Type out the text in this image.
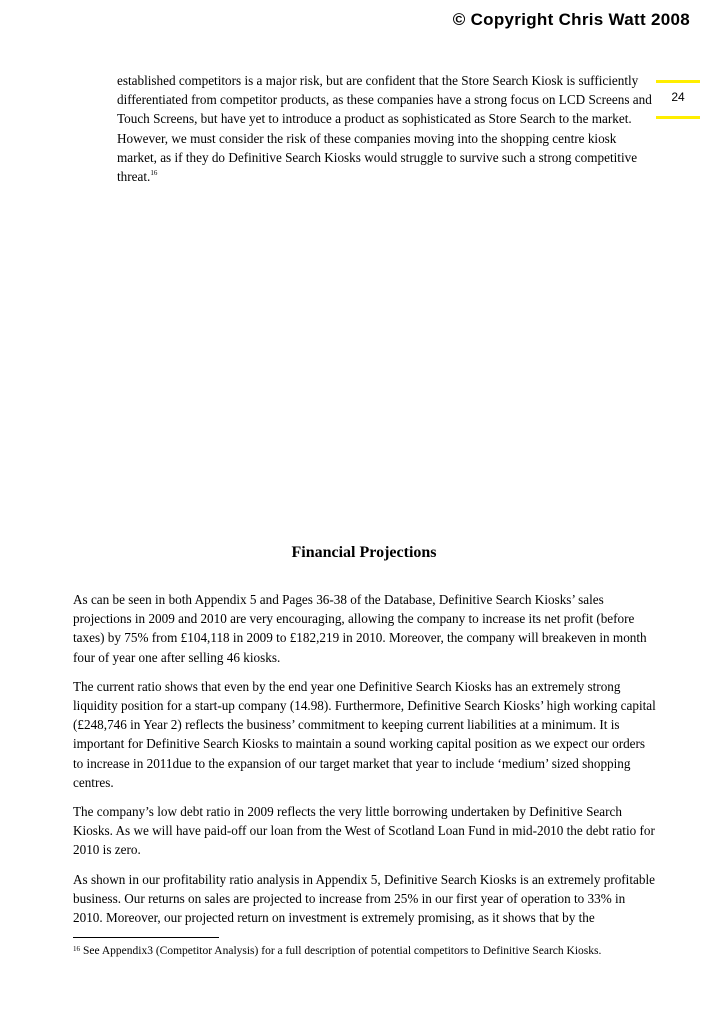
© Copyright Chris Watt 2008
24

established competitors is a major risk, but are confident that the Store Search Kiosk is sufficiently differentiated from competitor products, as these companies have a strong focus on LCD Screens and Touch Screens, but have yet to introduce a product as sophisticated as Store Search to the market. However, we must consider the risk of these companies moving into the shopping centre kiosk market, as if they do Definitive Search Kiosks would struggle to survive such a strong competitive threat.$^{16}$

Financial Projections

As can be seen in both Appendix 5 and Pages 36-38 of the Database, Definitive Search Kiosks’ sales projections in 2009 and 2010 are very encouraging, allowing the company to increase its net profit (before taxes) by 75% from £104,118 in 2009 to £182,219 in 2010. Moreover, the company will breakeven in month four of year one after selling 46 kiosks.

The current ratio shows that even by the end year one Definitive Search Kiosks has an extremely strong liquidity position for a start-up company (14.98). Furthermore, Definitive Search Kiosks’ high working capital (£248,746 in Year 2) reflects the business’ commitment to keeping current liabilities at a minimum. It is important for Definitive Search Kiosks to maintain a sound working capital position as we expect our orders to increase in 2011due to the expansion of our target market that year to include ‘medium’ sized shopping centres.

The company’s low debt ratio in 2009 reflects the very little borrowing undertaken by Definitive Search Kiosks. As we will have paid-off our loan from the West of Scotland Loan Fund in mid-2010 the debt ratio for 2010 is zero.

As shown in our profitability ratio analysis in Appendix 5, Definitive Search Kiosks is an extremely profitable business. Our returns on sales are projected to increase from 25% in our first year of operation to 33% in 2010. Moreover, our projected return on investment is extremely promising, as it shows that by the

$^{16}$ See Appendix3 (Competitor Analysis) for a full description of potential competitors to Definitive Search Kiosks.
